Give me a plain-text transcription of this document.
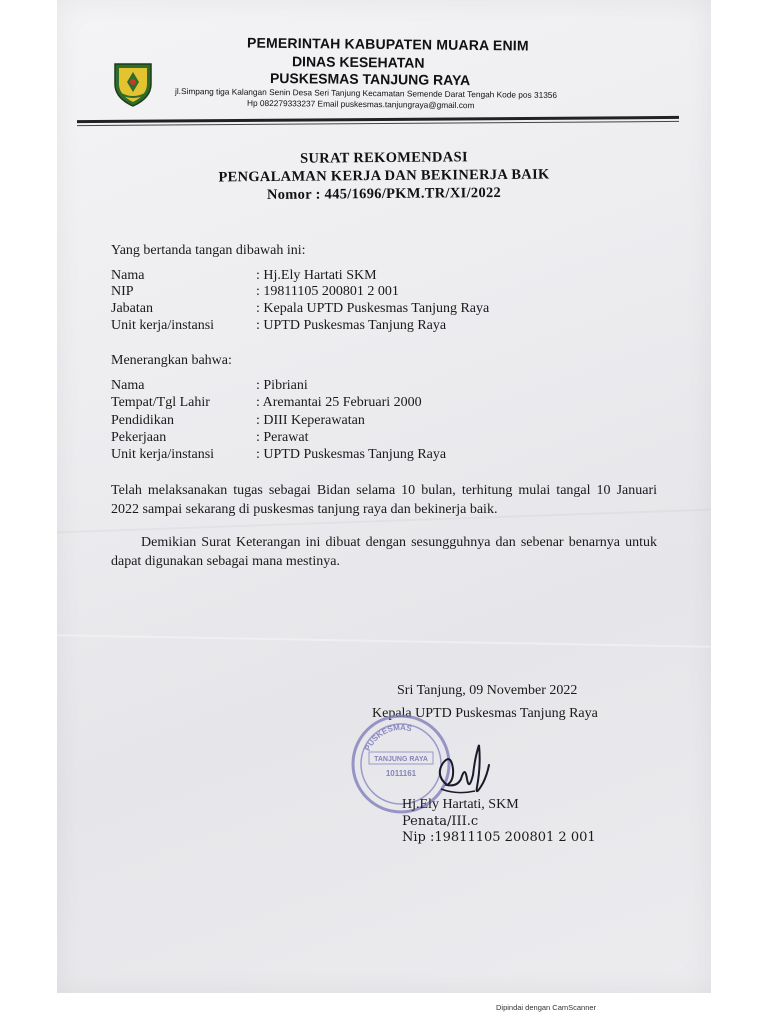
PEMERINTAH KABUPATEN MUARA ENIM
DINAS KESEHATAN
PUSKESMAS TANJUNG RAYA
jl.Simpang tiga Kalangan Senin Desa Seri Tanjung Kecamatan Semende Darat Tengah Kode pos 31356
Hp 082279333237 Email puskesmas.tanjungraya@gmail.com
SURAT REKOMENDASI
PENGALAMAN KERJA DAN BEKINERJA BAIK
Nomor : 445/1696/PKM.TR/XI/2022
Yang bertanda tangan dibawah ini:
Nama	: Hj.Ely Hartati SKM
NIP	: 19811105 200801 2 001
Jabatan	: Kepala UPTD Puskesmas Tanjung Raya
Unit kerja/instansi	: UPTD Puskesmas Tanjung Raya
Menerangkan bahwa:
Nama	: Pibriani
Tempat/Tgl Lahir	: Aremantai 25 Februari 2000
Pendidikan	: DIII Keperawatan
Pekerjaan	: Perawat
Unit kerja/instansi	: UPTD Puskesmas Tanjung Raya
Telah melaksanakan tugas sebagai Bidan selama 10 bulan, terhitung mulai tangal 10 Januari 2022 sampai sekarang di puskesmas tanjung raya dan bekinerja baik.
Demikian Surat Keterangan ini dibuat dengan sesungguhnya dan sebenar benarnya untuk dapat digunakan sebagai mana mestinya.
Sri Tanjung, 09 November 2022
Kepala UPTD Puskesmas Tanjung Raya
PUSKESMAS
TANJUNG RAYA
1011161
Hj.Ely Hartati, SKM
Penata/III.c
Nip :19811105 200801 2 001
Dipindai dengan CamScanner
